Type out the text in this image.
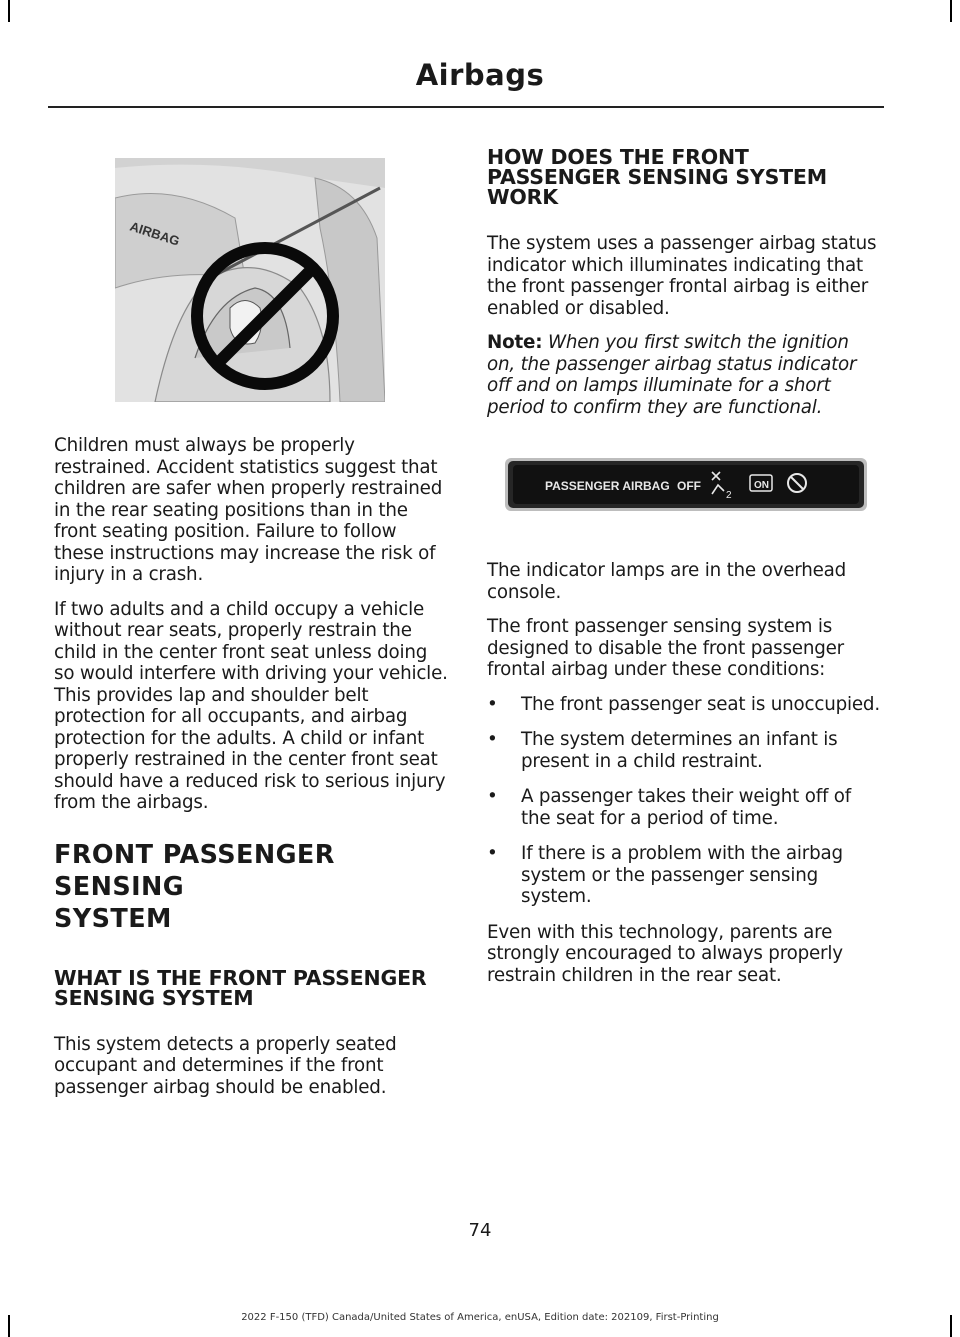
Airbags
AIRBAG

Children must always be properly restrained. Accident statistics suggest that children are safer when properly restrained in the rear seating positions than in the front seating position. Failure to follow these instructions may increase the risk of injury in a crash.

If two adults and a child occupy a vehicle without rear seats, properly restrain the child in the center front seat unless doing so would interfere with driving your vehicle. This provides lap and shoulder belt protection for all occupants, and airbag protection for the adults. A child or infant properly restrained in the center front seat should have a reduced risk to serious injury from the airbags.

FRONT PASSENGER SENSING
SYSTEM
WHAT IS THE FRONT PASSENGER SENSING SYSTEM

This system detects a properly seated occupant and determines if the front passenger airbag should be enabled.

HOW DOES THE FRONT PASSENGER SENSING SYSTEM WORK

The system uses a passenger airbag status indicator which illuminates indicating that the front passenger frontal airbag is either enabled or disabled.

Note: When you first switch the ignition on, the passenger airbag status indicator off and on lamps illuminate for a short period to confirm they are functional.

PASSENGER AIRBAG OFF
2
ON

The indicator lamps are in the overhead console.

The front passenger sensing system is designed to disable the front passenger frontal airbag under these conditions:

• The front passenger seat is unoccupied.
• The system determines an infant is present in a child restraint.
• A passenger takes their weight off of the seat for a period of time.
• If there is a problem with the airbag system or the passenger sensing system.

Even with this technology, parents are strongly encouraged to always properly restrain children in the rear seat.

74
2022 F-150 (TFD) Canada/United States of America, enUSA, Edition date: 202109, First-Printing
